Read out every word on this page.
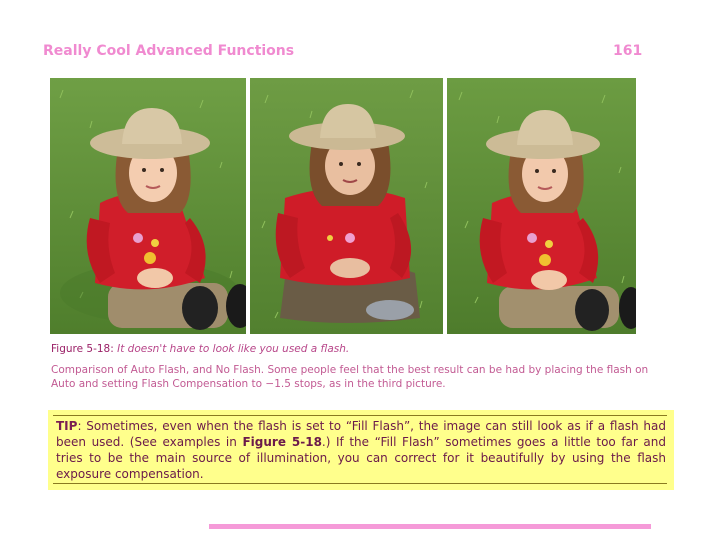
Really Cool Advanced Functions	161
Figure 5-18: It doesn't have to look like you used a flash.
Comparison of Auto Flash, and No Flash. Some people feel that the best result can be had by placing the flash on Auto and setting Flash Compensation to −1.5 stops, as in the third picture.
TIP: Sometimes, even when the flash is set to “Fill Flash”, the image can still look as if a flash had been used. (See examples in Figure 5-18.) If the “Fill Flash” sometimes goes a little too far and tries to be the main source of illumination, you can correct for it beautifully by using the flash exposure compensation.
